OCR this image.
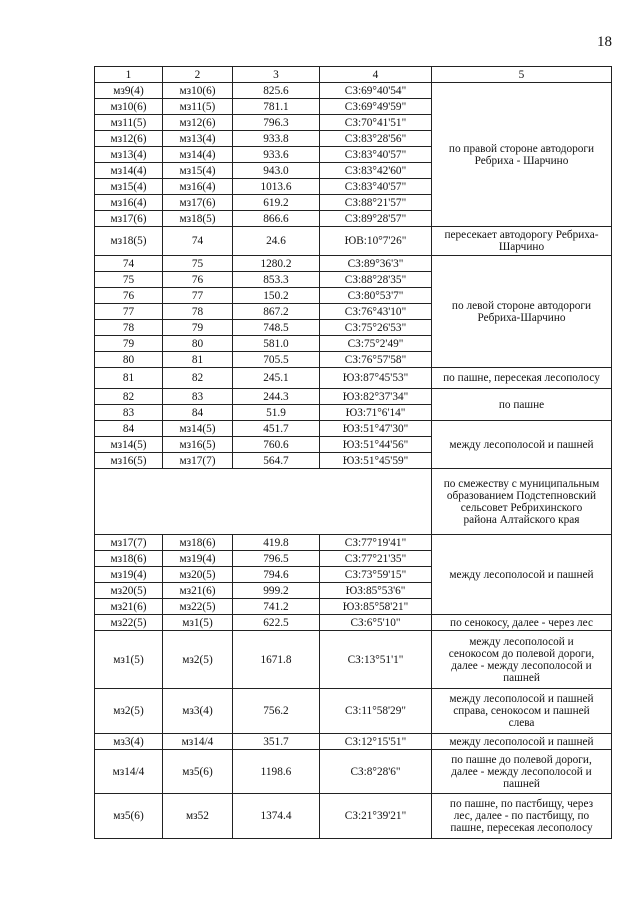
18
1	2	3	4	5
мз9(4)	мз10(6)	825.6	СЗ:69°40'54"	по правой стороне автодороги
Ребриха - Шарчино
мз10(6)	мз11(5)	781.1	СЗ:69°49'59"	
мз11(5)	мз12(6)	796.3	СЗ:70°41'51"	
мз12(6)	мз13(4)	933.8	СЗ:83°28'56"	
мз13(4)	мз14(4)	933.6	СЗ:83°40'57"	
мз14(4)	мз15(4)	943.0	СЗ:83°42'60"	
мз15(4)	мз16(4)	1013.6	СЗ:83°40'57"	
мз16(4)	мз17(6)	619.2	СЗ:88°21'57"	
мз17(6)	мз18(5)	866.6	СЗ:89°28'57"	
мз18(5)	74	24.6	ЮВ:10°7'26"	пересекает автодорогу Ребриха-
Шарчино
74	75	1280.2	СЗ:89°36'3"	по левой стороне автодороги
Ребриха-Шарчино
75	76	853.3	СЗ:88°28'35"	
76	77	150.2	СЗ:80°53'7"	
77	78	867.2	СЗ:76°43'10"	
78	79	748.5	СЗ:75°26'53"	
79	80	581.0	СЗ:75°2'49"	
80	81	705.5	СЗ:76°57'58"	
81	82	245.1	ЮЗ:87°45'53"	по пашне, пересекая лесополосу
82	83	244.3	ЮЗ:82°37'34"	по пашне
83	84	51.9	ЮЗ:71°6'14"	
84	мз14(5)	451.7	ЮЗ:51°47'30"	между лесополосой и пашней
мз14(5)	мз16(5)	760.6	ЮЗ:51°44'56"	
мз16(5)	мз17(7)	564.7	ЮЗ:51°45'59"	
				по смежеству с муниципальным
образованием Подстепновский
сельсовет Ребрихинского
района Алтайского края
мз17(7)	мз18(6)	419.8	СЗ:77°19'41"	между лесополосой и пашней
мз18(6)	мз19(4)	796.5	СЗ:77°21'35"	
мз19(4)	мз20(5)	794.6	СЗ:73°59'15"	
мз20(5)	мз21(6)	999.2	ЮЗ:85°53'6"	
мз21(6)	мз22(5)	741.2	ЮЗ:85°58'21"	
мз22(5)	мз1(5)	622.5	СЗ:6°5'10"	по сенокосу, далее - через лес
мз1(5)	мз2(5)	1671.8	СЗ:13°51'1"	между лесополосой и
сенокосом до полевой дороги,
далее - между лесополосой и
пашней
мз2(5)	мз3(4)	756.2	СЗ:11°58'29"	между лесополосой и пашней
справа, сенокосом и пашней
слева
мз3(4)	мз14/4	351.7	СЗ:12°15'51"	между лесополосой и пашней
мз14/4	мз5(6)	1198.6	СЗ:8°28'6"	по пашне до полевой дороги,
далее - между лесополосой и
пашней
мз5(6)	мз52	1374.4	СЗ:21°39'21"	по пашне, по пастбищу, через
лес, далее - по пастбищу, по
пашне, пересекая лесополосу
